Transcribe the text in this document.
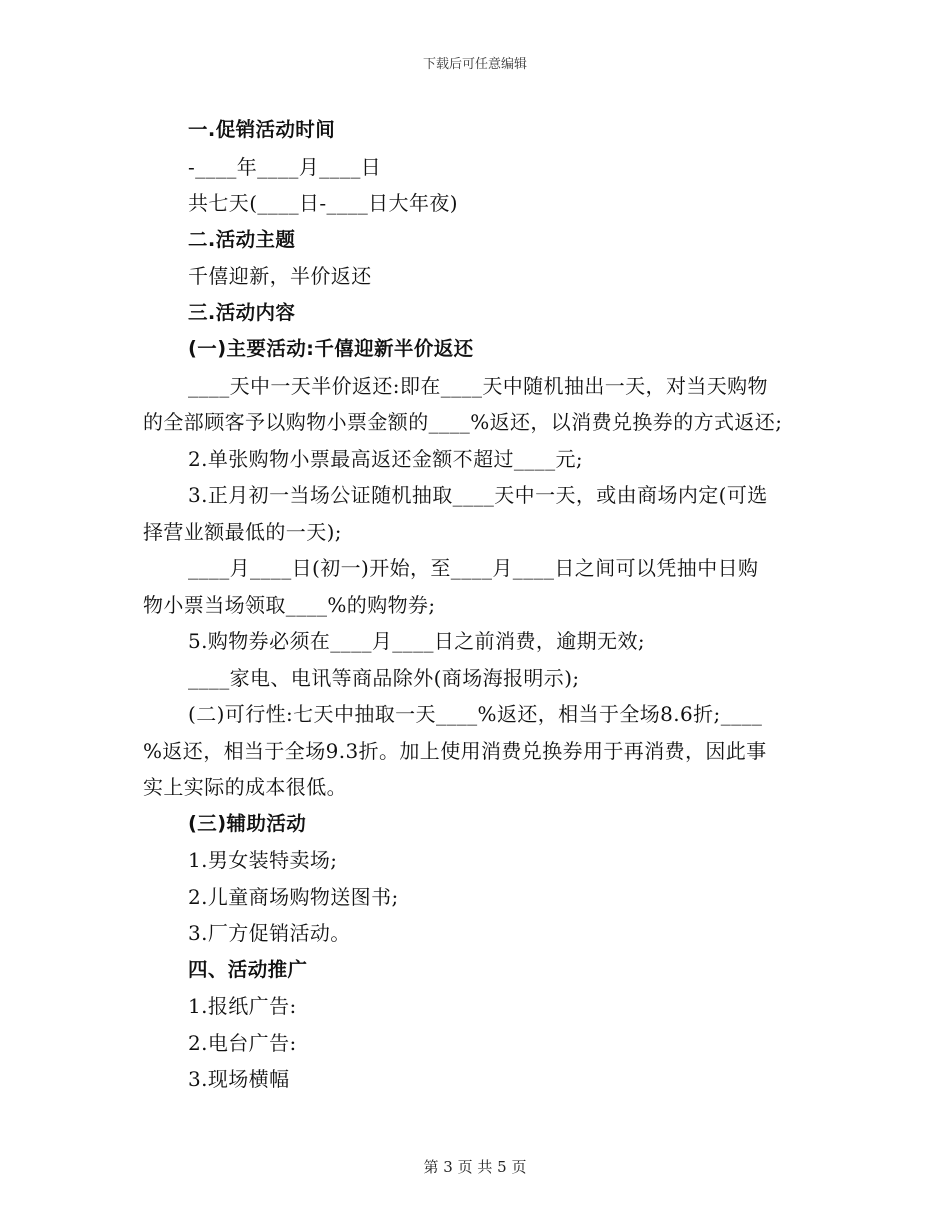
下载后可任意编辑

一.促销活动时间

-____年____月____日

共七天(____日-____日大年夜)

二.活动主题

千僖迎新，半价返还

三.活动内容

(一)主要活动:千僖迎新半价返还

____天中一天半价返还:即在____天中随机抽出一天，对当天购物

的全部顾客予以购物小票金额的____%返还，以消费兑换券的方式返还;

2.单张购物小票最高返还金额不超过____元;

3.正月初一当场公证随机抽取____天中一天，或由商场内定(可选

择营业额最低的一天);

____月____日(初一)开始，至____月____日之间可以凭抽中日购

物小票当场领取____%的购物券;

5.购物券必须在____月____日之前消费，逾期无效;

____家电、电讯等商品除外(商场海报明示);

(二)可行性:七天中抽取一天____%返还，相当于全场8.6折;____

%返还，相当于全场9.3折。加上使用消费兑换券用于再消费，因此事

实上实际的成本很低。

(三)辅助活动

1.男女装特卖场;

2.儿童商场购物送图书;

3.厂方促销活动。

四、活动推广

1.报纸广告:

2.电台广告:

3.现场横幅

第 3 页 共 5 页
